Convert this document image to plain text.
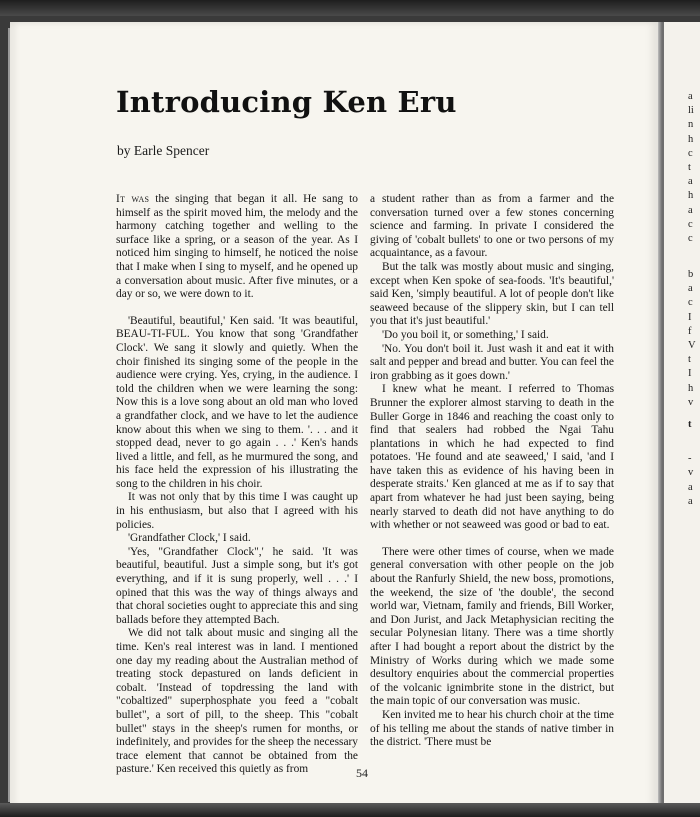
Introducing Ken Eru
by Earle Spencer

It was the singing that began it all. He sang to himself as the spirit moved him, the melody and the harmony catching together and welling to the surface like a spring, or a season of the year. As I noticed him singing to himself, he noticed the noise that I make when I sing to myself, and he opened up a conversation about music. After five minutes, or a day or so, we were down to it.

'Beautiful, beautiful,' Ken said. 'It was beautiful, BEAU-TI-FUL. You know that song 'Grandfather Clock'. We sang it slowly and quietly. When the choir finished its singing some of the people in the audience were crying. Yes, crying, in the audience. I told the children when we were learning the song: Now this is a love song about an old man who loved a grandfather clock, and we have to let the audience know about this when we sing to them. '. . . and it stopped dead, never to go again . . .' Ken's hands lived a little, and fell, as he murmured the song, and his face held the expression of his illustrating the song to the children in his choir.

It was not only that by this time I was caught up in his enthusiasm, but also that I agreed with his policies.

'Grandfather Clock,' I said.

'Yes, "Grandfather Clock",' he said. 'It was beautiful, beautiful. Just a simple song, but it's got everything, and if it is sung properly, well . . .' I opined that this was the way of things always and that choral societies ought to appreciate this and sing ballads before they attempted Bach.

We did not talk about music and singing all the time. Ken's real interest was in land. I mentioned one day my reading about the Australian method of treating stock depastured on lands deficient in cobalt. 'Instead of topdressing the land with "cobaltized" superphosphate you feed a "cobalt bullet", a sort of pill, to the sheep. This "cobalt bullet" stays in the sheep's rumen for months, or indefinitely, and provides for the sheep the necessary trace element that cannot be obtained from the pasture.' Ken received this quietly as from

a student rather than as from a farmer and the conversation turned over a few stones concerning science and farming. In private I considered the giving of 'cobalt bullets' to one or two persons of my acquaintance, as a favour.

But the talk was mostly about music and singing, except when Ken spoke of sea-foods. 'It's beautiful,' said Ken, 'simply beautiful. A lot of people don't like seaweed because of the slippery skin, but I can tell you that it's just beautiful.'

'Do you boil it, or something,' I said.

'No. You don't boil it. Just wash it and eat it with salt and pepper and bread and butter. You can feel the iron grabbing as it goes down.'

I knew what he meant. I referred to Thomas Brunner the explorer almost starving to death in the Buller Gorge in 1846 and reaching the coast only to find that sealers had robbed the Ngai Tahu plantations in which he had expected to find potatoes. 'He found and ate seaweed,' I said, 'and I have taken this as evidence of his having been in desperate straits.' Ken glanced at me as if to say that apart from whatever he had just been saying, being nearly starved to death did not have anything to do with whether or not seaweed was good or bad to eat.

There were other times of course, when we made general conversation with other people on the job about the Ranfurly Shield, the new boss, promotions, the weekend, the size of 'the double', the second world war, Vietnam, family and friends, Bill Worker, and Don Jurist, and Jack Metaphysician reciting the secular Polynesian litany. There was a time shortly after I had bought a report about the district by the Ministry of Works during which we made some desultory enquiries about the commercial properties of the volcanic ignimbrite stone in the district, but the main topic of our conversation was music.

Ken invited me to hear his church choir at the time of his telling me about the stands of native timber in the district. 'There must be

54
a
li
n
h
c
t
a
h
a
c
c
b
a
c
I
f
V
t
I
h
v
t
-
v
a
a
